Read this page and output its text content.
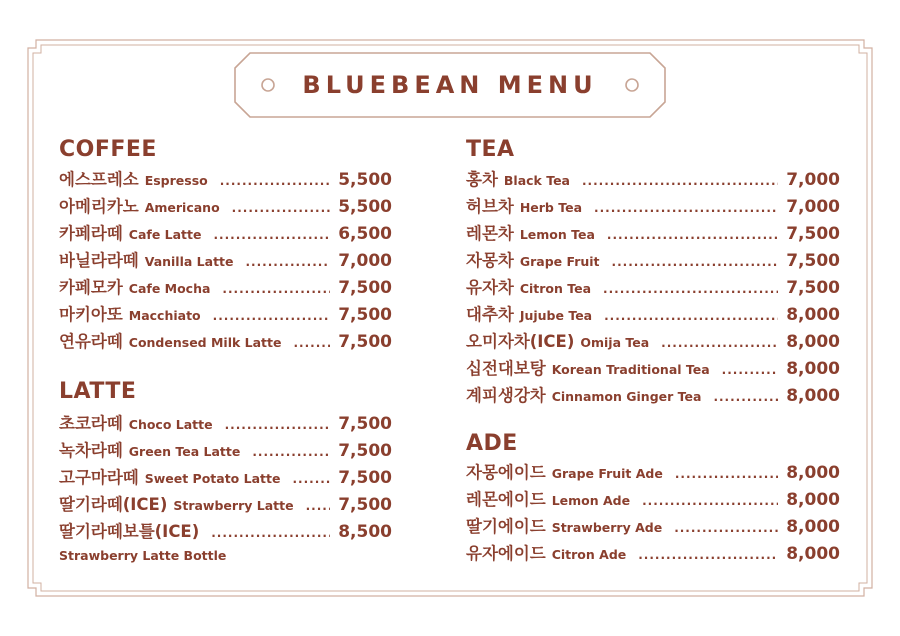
BLUEBEAN MENU
COFFEE
에스프레소 Espresso .....	5,500
아메리카노 Americano .....	5,500
카페라떼 Cafe Latte .....	6,500
바닐라라떼 Vanilla Latte .....	7,000
카페모카 Cafe Mocha .....	7,500
마키아또 Macchiato .....	7,500
연유라떼 Condensed Milk Latte .....	7,500
LATTE
초코라떼 Choco Latte .....	7,500
녹차라떼 Green Tea Latte .....	7,500
고구마라떼 Sweet Potato Latte .....	7,500
딸기라떼(ICE) Strawberry Latte .....	7,500
딸기라떼보틀(ICE) .....	8,500
Strawberry Latte Bottle
TEA
홍차 Black Tea .....	7,000
허브차 Herb Tea .....	7,000
레몬차 Lemon Tea .....	7,500
자몽차 Grape Fruit .....	7,500
유자차 Citron Tea .....	7,500
대추차 Jujube Tea .....	8,000
오미자차(ICE) Omija Tea .....	8,000
십전대보탕 Korean Traditional Tea .....	8,000
계피생강차 Cinnamon Ginger Tea .....	8,000
ADE
자몽에이드 Grape Fruit Ade .....	8,000
레몬에이드 Lemon Ade .....	8,000
딸기에이드 Strawberry Ade .....	8,000
유자에이드 Citron Ade .....	8,000
